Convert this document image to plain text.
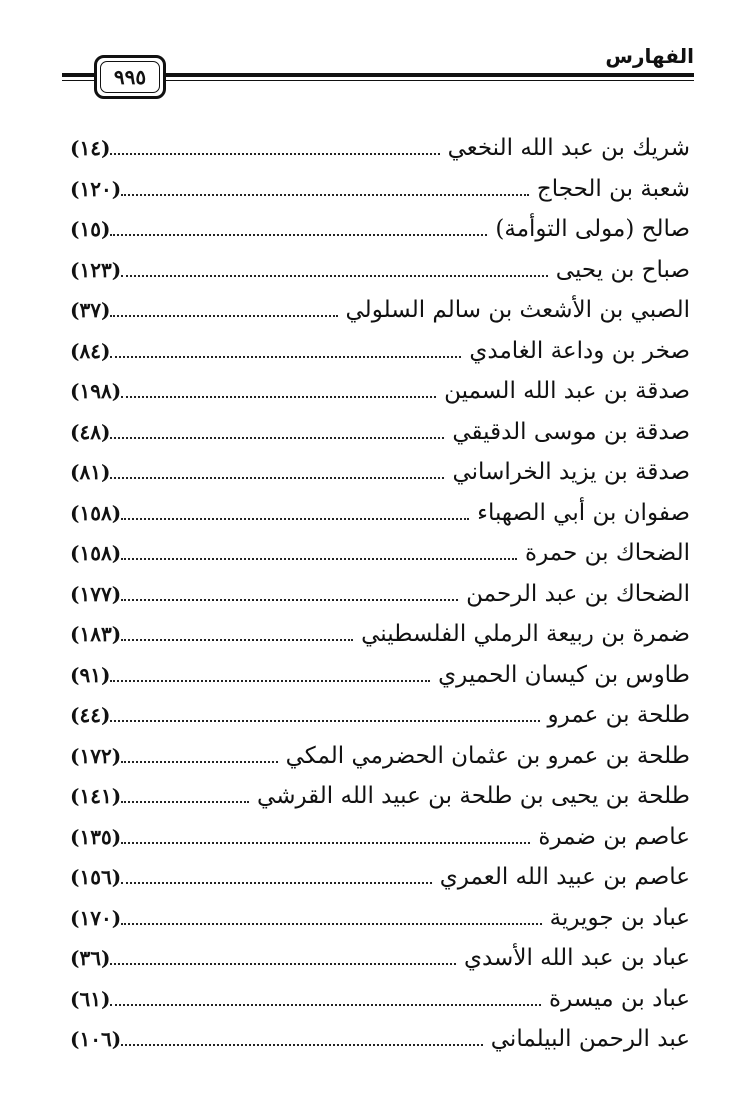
الفهارس
٩٩٥
شريك بن عبد الله النخعي
(١٤)
شعبة بن الحجاج
(١٢٠)
صالح (مولى التوأمة)
(١٥)
صباح بن يحيى
(١٢٣)
الصبي بن الأشعث بن سالم السلولي
(٣٧)
صخر بن وداعة الغامدي
(٨٤)
صدقة بن عبد الله السمين
(١٩٨)
صدقة بن موسى الدقيقي
(٤٨)
صدقة بن يزيد الخراساني
(٨١)
صفوان بن أبي الصهباء
(١٥٨)
الضحاك بن حمرة
(١٥٨)
الضحاك بن عبد الرحمن
(١٧٧)
ضمرة بن ربيعة الرملي الفلسطيني
(١٨٣)
طاوس بن كيسان الحميري
(٩١)
طلحة بن عمرو
(٤٤)
طلحة بن عمرو بن عثمان الحضرمي المكي
(١٧٢)
طلحة بن يحيى بن طلحة بن عبيد الله القرشي
(١٤١)
عاصم بن ضمرة
(١٣٥)
عاصم بن عبيد الله العمري
(١٥٦)
عباد بن جويرية
(١٧٠)
عباد بن عبد الله الأسدي
(٣٦)
عباد بن ميسرة
(٦١)
عبد الرحمن البيلماني
(١٠٦)
